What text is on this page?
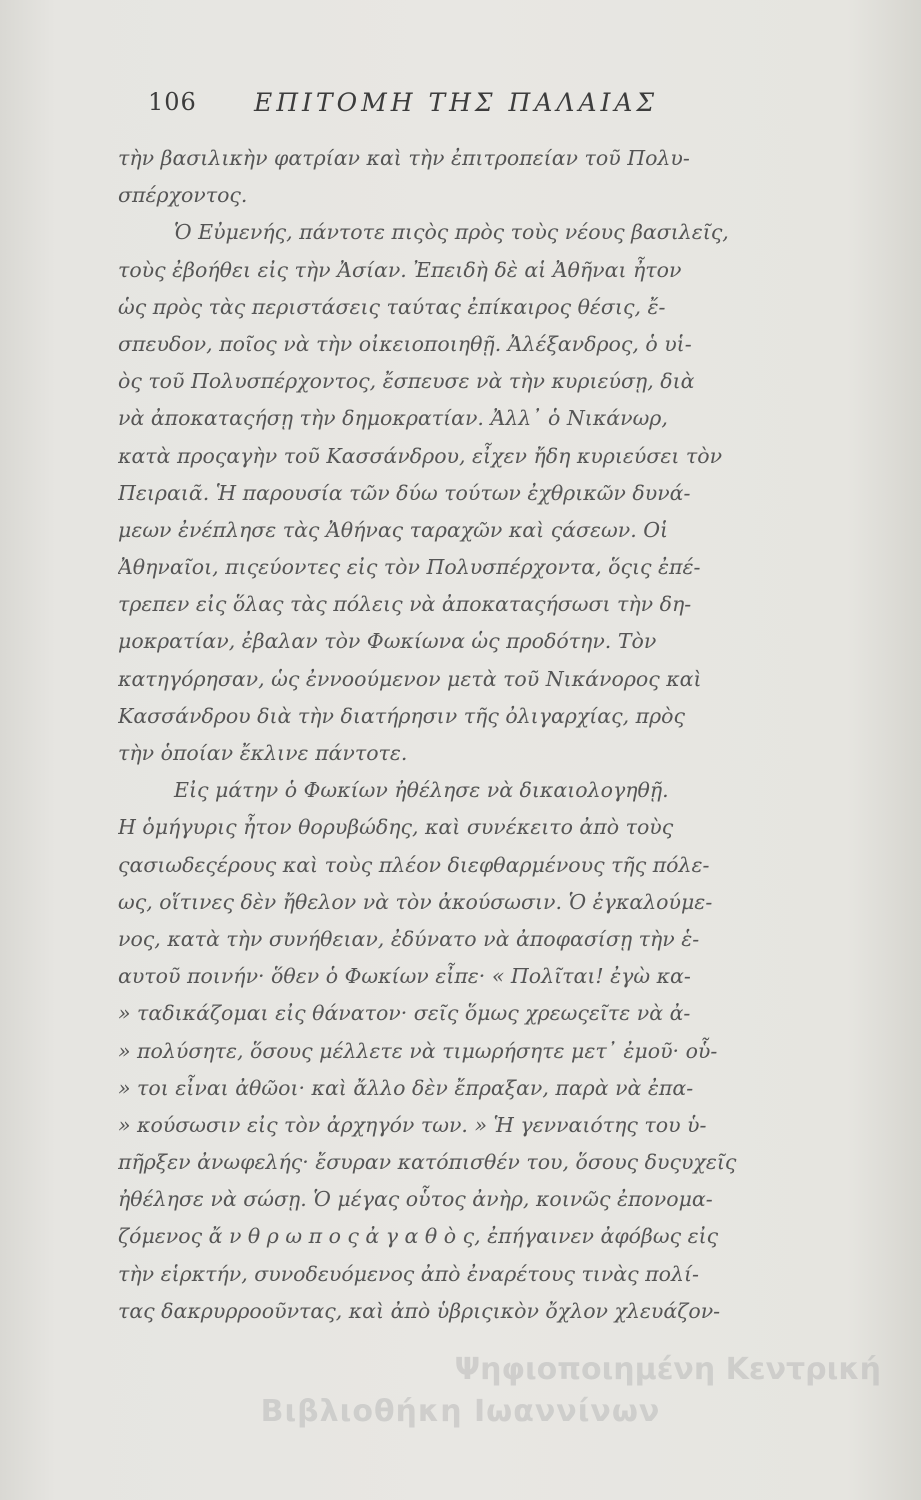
106 ΕΠΙΤΟΜΗ ΤΗΣ ΠΑΛΑΙΑΣ
τὴν βασιλικὴν φατρίαν καὶ τὴν ἐπιτροπείαν τοῦ Πολυ-
σπέρχοντος.
Ὁ Εὐμενής, πάντοτε πιςὸς πρὸς τοὺς νέους βασιλεῖς,
τοὺς ἐβοήθει εἰς τὴν Ἀσίαν. Ἐπειδὴ δὲ αἱ Ἀθῆναι ἦτον
ὡς πρὸς τὰς περιστάσεις ταύτας ἐπίκαιρος θέσις, ἔ-
σπευδον, ποῖος νὰ τὴν οἰκειοποιηθῇ. Ἀλέξανδρος, ὁ υἱ-
ὸς τοῦ Πολυσπέρχοντος, ἔσπευσε νὰ τὴν κυριεύσῃ, διὰ
νὰ ἀποκαταςήσῃ τὴν δημοκρατίαν. Ἀλλ᾽ ὁ Νικάνωρ,
κατὰ προςαγὴν τοῦ Κασσάνδρου, εἶχεν ἤδη κυριεύσει τὸν
Πειραιᾶ. Ἡ παρουσία τῶν δύω τούτων ἐχθρικῶν δυνά-
μεων ἐνέπλησε τὰς Ἀθήνας ταραχῶν καὶ ςάσεων. Οἱ
Ἀθηναῖοι, πιςεύοντες εἰς τὸν Πολυσπέρχοντα, ὅςις ἐπέ-
τρεπεν εἰς ὅλας τὰς πόλεις νὰ ἀποκαταςήσωσι τὴν δη-
μοκρατίαν, ἐβαλαν τὸν Φωκίωνα ὡς προδότην. Τὸν
κατηγόρησαν, ὡς ἐννοούμενον μετὰ τοῦ Νικάνορος καὶ
Κασσάνδρου διὰ τὴν διατήρησιν τῆς ὀλιγαρχίας, πρὸς
τὴν ὁποίαν ἔκλινε πάντοτε.
Εἰς μάτην ὁ Φωκίων ἠθέλησε νὰ δικαιολογηθῇ.
Η ὁμήγυρις ἦτον θορυβώδης, καὶ συνέκειτο ἀπὸ τοὺς
ςασιωδεςέρους καὶ τοὺς πλέον διεφθαρμένους τῆς πόλε-
ως, οἵτινες δὲν ἤθελον νὰ τὸν ἀκούσωσιν. Ὁ ἐγκαλούμε-
νος, κατὰ τὴν συνήθειαν, ἐδύνατο νὰ ἀποφασίσῃ τὴν ἑ-
αυτοῦ ποινήν· ὅθεν ὁ Φωκίων εἶπε· « Πολῖται! ἐγὼ κα-
» ταδικάζομαι εἰς θάνατον· σεῖς ὅμως χρεωςεῖτε νὰ ἀ-
» πολύσητε, ὅσους μέλλετε νὰ τιμωρήσητε μετ᾽ ἐμοῦ· οὗ-
» τοι εἶναι ἀθῶοι· καὶ ἄλλο δὲν ἔπραξαν, παρὰ νὰ ἐπα-
» κούσωσιν εἰς τὸν ἀρχηγόν των. » Ἡ γενναιότης του ὑ-
πῆρξεν ἀνωφελής· ἔσυραν κατόπισθέν του, ὅσους δυςυχεῖς
ἠθέλησε νὰ σώσῃ. Ὁ μέγας οὗτος ἀνὴρ, κοινῶς ἐπονομα-
ζόμενος ἄ ν θ ρ ω π ο ς ἀ γ α θ ὸ ς, ἐπήγαινεν ἀφόβως εἰς
τὴν εἱρκτήν, συνοδευόμενος ἀπὸ ἐναρέτους τινὰς πολί-
τας δακρυρροοῦντας, καὶ ἀπὸ ὑβριςικὸν ὄχλον χλευάζον-
Ψηφιοποιημένη Κεντρική
Βιβλιοθήκη Ιωαννίνων
